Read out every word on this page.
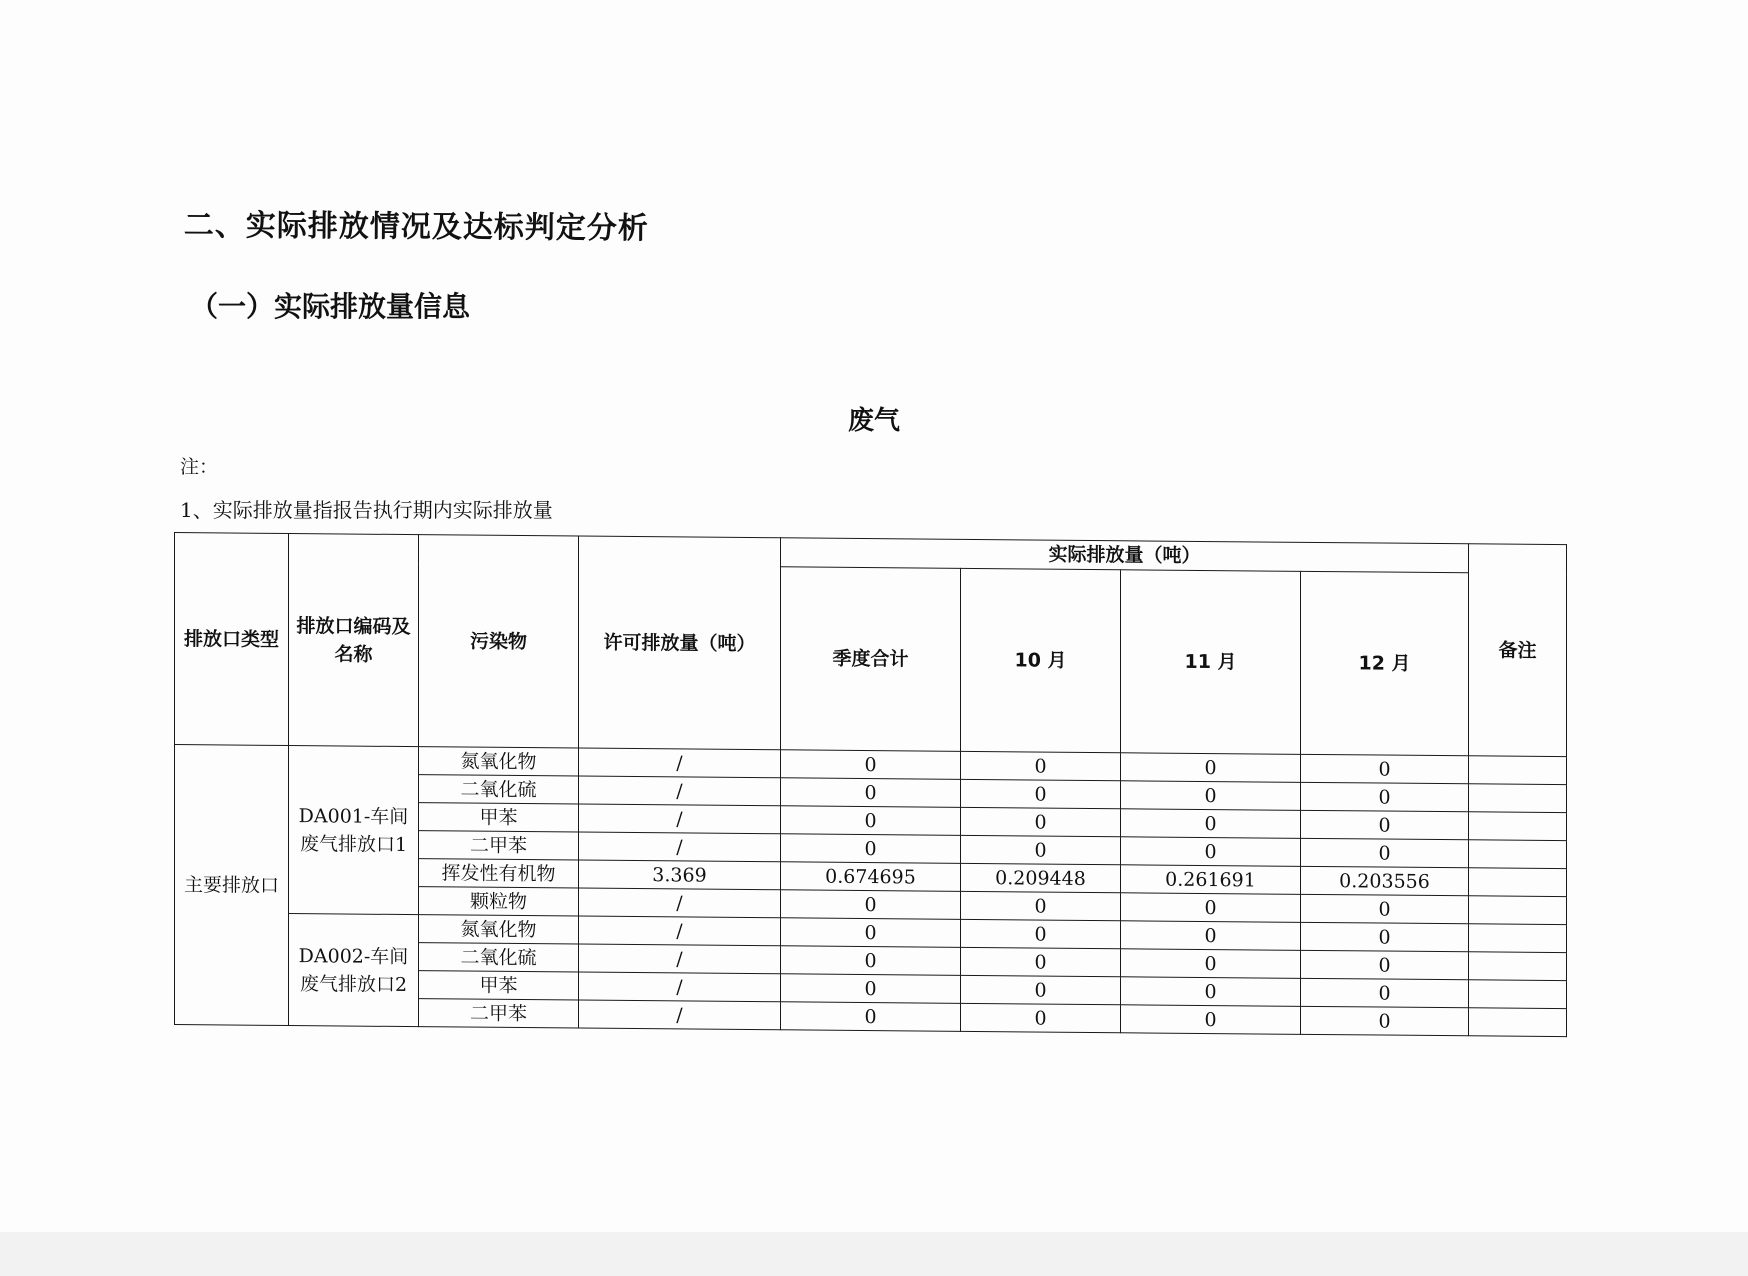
二、实际排放情况及达标判定分析
（一）实际排放量信息
废气
注：
1、实际排放量指报告执行期内实际排放量
排放口类型	排放口编码及名称	污染物	许可排放量（吨）	实际排放量（吨）				备注
				季度合计	10 月	11 月	12 月	
主要排放口	DA001-车间废气排放口1	氮氧化物	/	0	0	0	0	
		二氧化硫	/	0	0	0	0	
		甲苯	/	0	0	0	0	
		二甲苯	/	0	0	0	0	
		挥发性有机物	3.369	0.674695	0.209448	0.261691	0.203556	
		颗粒物	/	0	0	0	0	
	DA002-车间废气排放口2	氮氧化物	/	0	0	0	0	
		二氧化硫	/	0	0	0	0	
		甲苯	/	0	0	0	0	
		二甲苯	/	0	0	0	0	
